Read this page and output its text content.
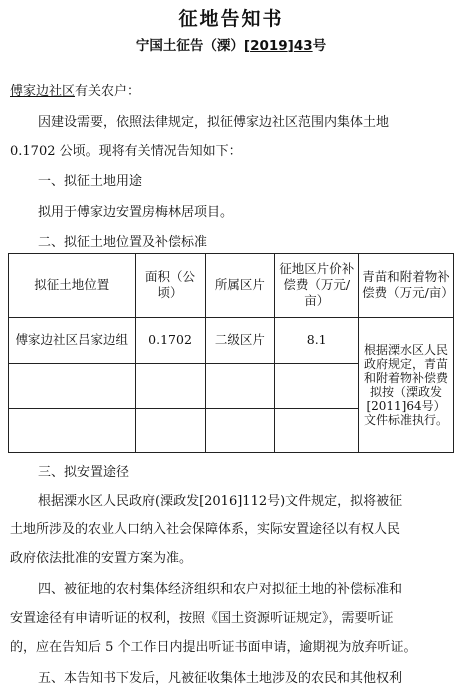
征地告知书
宁国土征告（溧）[2019]43号
傅家边社区有关农户：
因建设需要，依照法律规定，拟征傅家边社区范围内集体土地
0.1702 公顷。现将有关情况告知如下：
一、拟征土地用途
拟用于傅家边安置房梅林居项目。
二、拟征土地位置及补偿标准
拟征土地位置	面积（公顷）	所属区片	征地区片价补偿费（万元/亩）	青苗和附着物补偿费（万元/亩）
傅家边社区吕家边组	0.1702	二级区片	8.1	根据溧水区人民政府规定，青苗和附着物补偿费拟按（溧政发[2011]64号）文件标准执行。

三、拟安置途径
根据溧水区人民政府(溧政发[2016]112号)文件规定，拟将被征
土地所涉及的农业人口纳入社会保障体系，实际安置途径以有权人民
政府依法批准的安置方案为准。
四、被征地的农村集体经济组织和农户对拟征土地的补偿标准和
安置途径有申请听证的权利，按照《国土资源听证规定》，需要听证
的，应在告知后 5 个工作日内提出听证书面申请，逾期视为放弃听证。
五、本告知书下发后，凡被征收集体土地涉及的农民和其他权利
